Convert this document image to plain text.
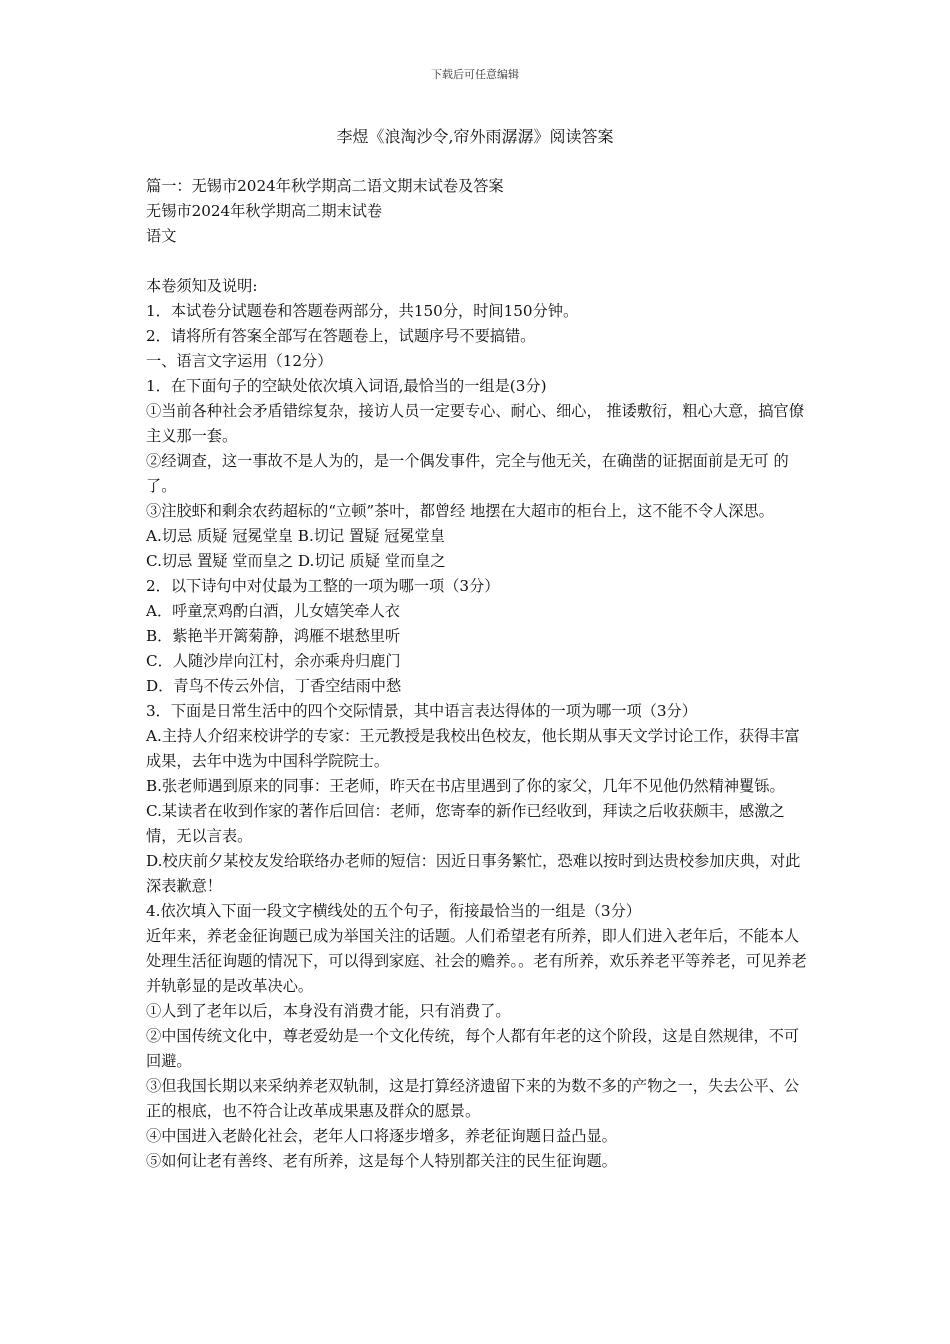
下载后可任意编辑
李煜《浪淘沙令,帘外雨潺潺》阅读答案

篇一：无锡市2024年秋学期高二语文期末试卷及答案

无锡市2024年秋学期高二期末试卷

语文

本卷须知及说明:

1．本试卷分试题卷和答题卷两部分，共150分，时间150分钟。

2．请将所有答案全部写在答题卷上，试题序号不要搞错。

一、语言文字运用（12分）

1．在下面句子的空缺处依次填入词语,最恰当的一组是(3分)

①当前各种社会矛盾错综复杂，接访人员一定要专心、耐心、细心， 推诿敷衍，粗心大意，搞官僚主义那一套。

②经调查，这一事故不是人为的，是一个偶发事件，完全与他无关，在确凿的证据面前是无可 的了。

③注胶虾和剩余农药超标的“立顿”茶叶，都曾经 地摆在大超市的柜台上，这不能不令人深思。

A.切忌 质疑 冠冕堂皇 B.切记 置疑 冠冕堂皇

C.切忌 置疑 堂而皇之 D.切记 质疑 堂而皇之

2．以下诗句中对仗最为工整的一项为哪一项（3分）

A．呼童烹鸡酌白酒，儿女嬉笑牵人衣

B．紫艳半开篱菊静，鸿雁不堪愁里听

C．人随沙岸向江村，余亦乘舟归鹿门

D．青鸟不传云外信，丁香空结雨中愁

3．下面是日常生活中的四个交际情景，其中语言表达得体的一项为哪一项（3分）

A.主持人介绍来校讲学的专家：王元教授是我校出色校友，他长期从事天文学讨论工作，获得丰富成果，去年中选为中国科学院院士。

B.张老师遇到原来的同事：王老师，昨天在书店里遇到了你的家父，几年不见他仍然精神矍铄。

C.某读者在收到作家的著作后回信：老师，您寄奉的新作已经收到，拜读之后收获颇丰，感激之情，无以言表。

D.校庆前夕某校友发给联络办老师的短信：因近日事务繁忙，恐难以按时到达贵校参加庆典，对此深表歉意！

4.依次填入下面一段文字横线处的五个句子，衔接最恰当的一组是（3分）

近年来，养老金征询题已成为举国关注的话题。人们希望老有所养，即人们进入老年后，不能本人处理生活征询题的情况下，可以得到家庭、社会的赡养。。老有所养，欢乐养老平等养老，可见养老并轨彰显的是改革决心。

①人到了老年以后，本身没有消费才能，只有消费了。

②中国传统文化中，尊老爱幼是一个文化传统，每个人都有年老的这个阶段，这是自然规律，不可回避。

③但我国长期以来采纳养老双轨制，这是打算经济遗留下来的为数不多的产物之一，失去公平、公正的根底，也不符合让改革成果惠及群众的愿景。

④中国进入老龄化社会，老年人口将逐步增多，养老征询题日益凸显。

⑤如何让老有善终、老有所养，这是每个人特别都关注的民生征询题。
